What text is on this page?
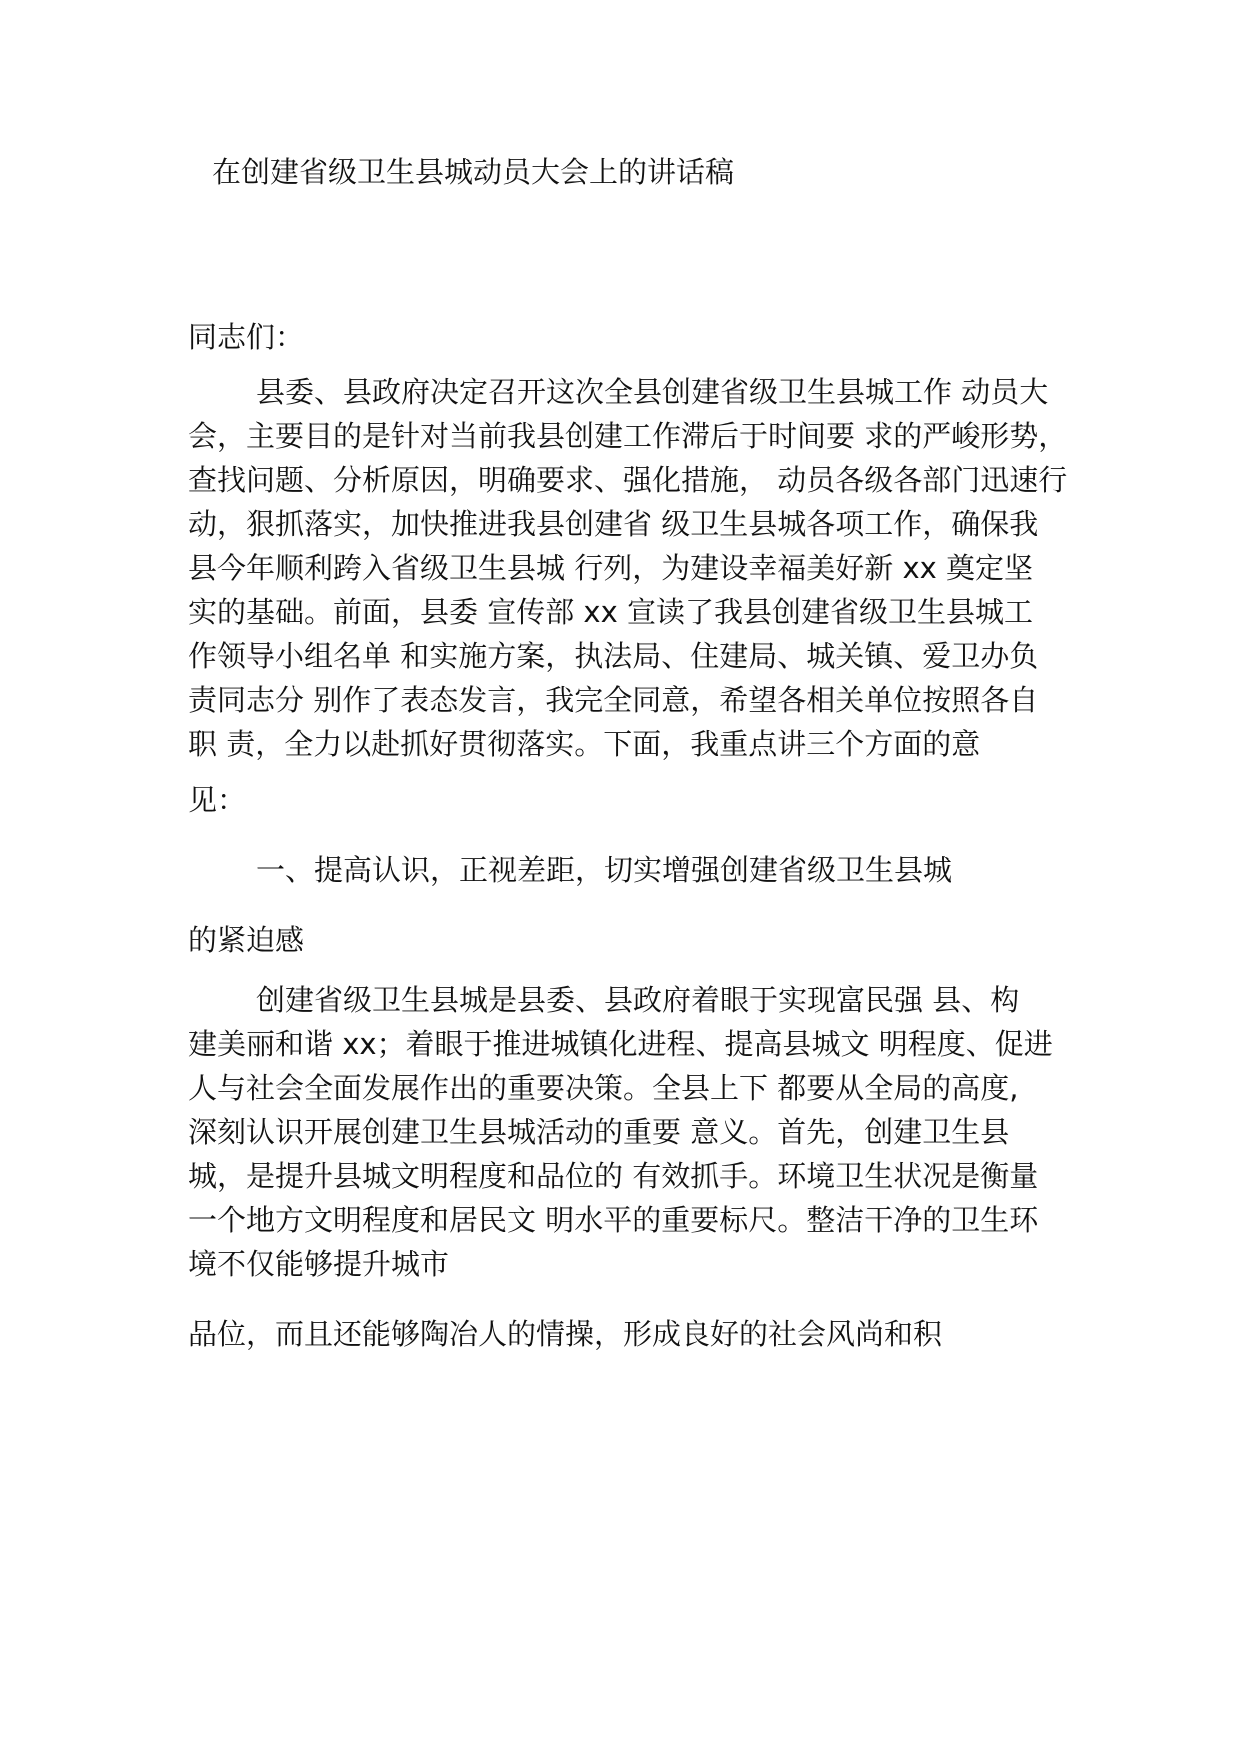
在创建省级卫生县城动员大会上的讲话稿
同志们：
县委、县政府决定召开这次全县创建省级卫生县城工作 动员大
会，主要目的是针对当前我县创建工作滞后于时间要 求的严峻形势，
查找问题、分析原因，明确要求、强化措施， 动员各级各部门迅速行
动，狠抓落实，加快推进我县创建省 级卫生县城各项工作，确保我
县今年顺利跨入省级卫生县城 行列，为建设幸福美好新 xx 奠定坚
实的基础。前面，县委 宣传部 xx 宣读了我县创建省级卫生县城工
作领导小组名单 和实施方案，执法局、住建局、城关镇、爱卫办负
责同志分 别作了表态发言，我完全同意，希望各相关单位按照各自
职 责，全力以赴抓好贯彻落实。下面，我重点讲三个方面的意
见：
一、提高认识，正视差距，切实增强创建省级卫生县城
的紧迫感
创建省级卫生县城是县委、县政府着眼于实现富民强 县、构
建美丽和谐 xx；着眼于推进城镇化进程、提高县城文 明程度、促进
人与社会全面发展作出的重要决策。全县上下 都要从全局的高度,
深刻认识开展创建卫生县城活动的重要 意义。首先，创建卫生县
城，是提升县城文明程度和品位的 有效抓手。环境卫生状况是衡量
一个地方文明程度和居民文 明水平的重要标尺。整洁干净的卫生环
境不仅能够提升城市
品位，而且还能够陶冶人的情操，形成良好的社会风尚和积
